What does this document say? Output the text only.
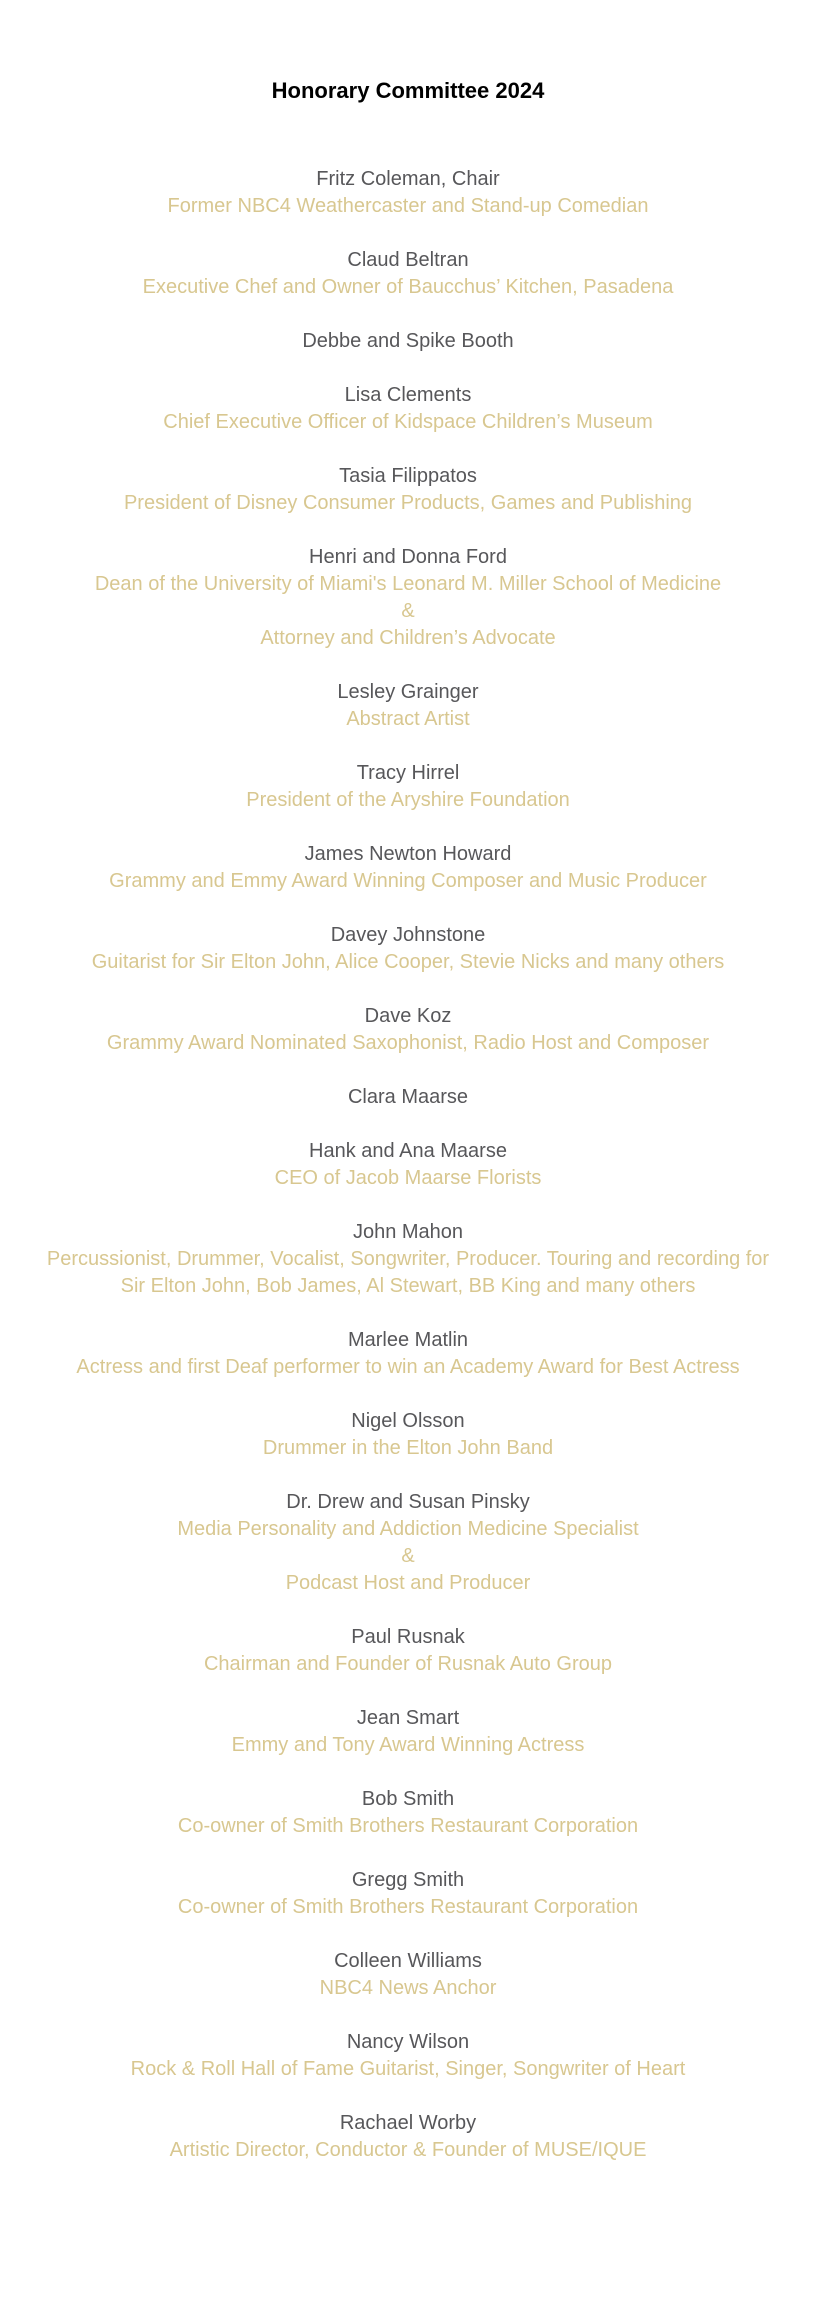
Honorary Committee 2024
Fritz Coleman, Chair
Former NBC4 Weathercaster and Stand-up Comedian
Claud Beltran
Executive Chef and Owner of Baucchus’ Kitchen, Pasadena
Debbe and Spike Booth
Lisa Clements
Chief Executive Officer of Kidspace Children’s Museum
Tasia Filippatos
President of Disney Consumer Products, Games and Publishing
Henri and Donna Ford
Dean of the University of Miami's Leonard M. Miller School of Medicine
&
Attorney and Children’s Advocate
Lesley Grainger
Abstract Artist
Tracy Hirrel
President of the Aryshire Foundation
James Newton Howard
Grammy and Emmy Award Winning Composer and Music Producer
Davey Johnstone
Guitarist for Sir Elton John, Alice Cooper, Stevie Nicks and many others
Dave Koz
Grammy Award Nominated Saxophonist, Radio Host and Composer
Clara Maarse
Hank and Ana Maarse
CEO of Jacob Maarse Florists
John Mahon
Percussionist, Drummer, Vocalist, Songwriter, Producer. Touring and recording for
Sir Elton John, Bob James, Al Stewart, BB King and many others
Marlee Matlin
Actress and first Deaf performer to win an Academy Award for Best Actress
Nigel Olsson
Drummer in the Elton John Band
Dr. Drew and Susan Pinsky
Media Personality and Addiction Medicine Specialist
&
Podcast Host and Producer
Paul Rusnak
Chairman and Founder of Rusnak Auto Group
Jean Smart
Emmy and Tony Award Winning Actress
Bob Smith
Co-owner of Smith Brothers Restaurant Corporation
Gregg Smith
Co-owner of Smith Brothers Restaurant Corporation
Colleen Williams
NBC4 News Anchor
Nancy Wilson
Rock & Roll Hall of Fame Guitarist, Singer, Songwriter of Heart
Rachael Worby
Artistic Director, Conductor & Founder of MUSE/IQUE
